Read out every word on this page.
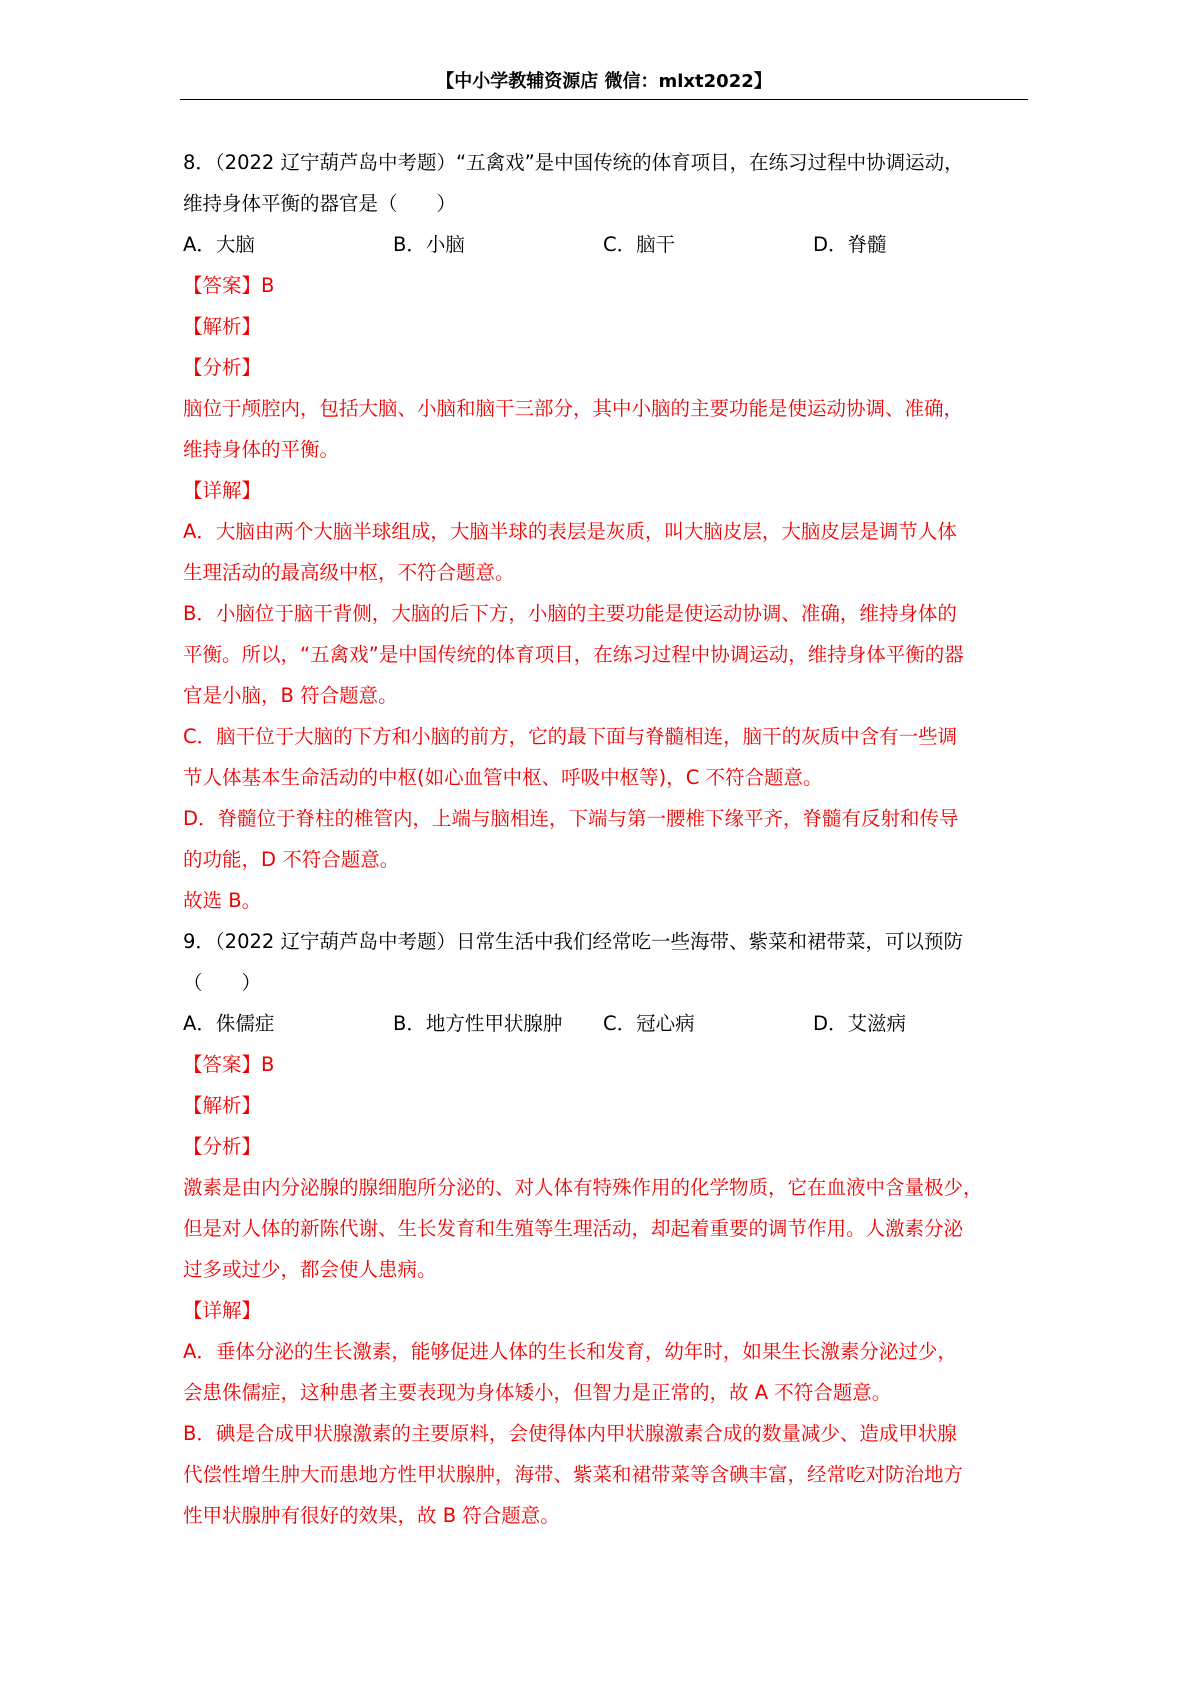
【中小学教辅资源店 微信：mlxt2022】
8．（2022 辽宁葫芦岛中考题）“五禽戏”是中国传统的体育项目，在练习过程中协调运动，
维持身体平衡的器官是（　　）
A．大脑	B．小脑	C．脑干	D．脊髓
【答案】B
【解析】
【分析】
脑位于颅腔内，包括大脑、小脑和脑干三部分，其中小脑的主要功能是使运动协调、准确，
维持身体的平衡。
【详解】
A．大脑由两个大脑半球组成，大脑半球的表层是灰质，叫大脑皮层，大脑皮层是调节人体
生理活动的最高级中枢，不符合题意。
B．小脑位于脑干背侧，大脑的后下方，小脑的主要功能是使运动协调、准确，维持身体的
平衡。所以，“五禽戏”是中国传统的体育项目，在练习过程中协调运动，维持身体平衡的器
官是小脑，B 符合题意。
C．脑干位于大脑的下方和小脑的前方，它的最下面与脊髓相连，脑干的灰质中含有一些调
节人体基本生命活动的中枢(如心血管中枢、呼吸中枢等)，C 不符合题意。
D．脊髓位于脊柱的椎管内，上端与脑相连，下端与第一腰椎下缘平齐，脊髓有反射和传导
的功能，D 不符合题意。
故选 B。
9．（2022 辽宁葫芦岛中考题）日常生活中我们经常吃一些海带、紫菜和裙带菜，可以预防
（　　）
A．侏儒症	B．地方性甲状腺肿 C．冠心病	D．艾滋病
【答案】B
【解析】
【分析】
激素是由内分泌腺的腺细胞所分泌的、对人体有特殊作用的化学物质，它在血液中含量极少，
但是对人体的新陈代谢、生长发育和生殖等生理活动，却起着重要的调节作用。人激素分泌
过多或过少，都会使人患病。
【详解】
A．垂体分泌的生长激素，能够促进人体的生长和发育，幼年时，如果生长激素分泌过少，
会患侏儒症，这种患者主要表现为身体矮小，但智力是正常的，故 A 不符合题意。
B．碘是合成甲状腺激素的主要原料，会使得体内甲状腺激素合成的数量减少、造成甲状腺
代偿性增生肿大而患地方性甲状腺肿，海带、紫菜和裙带菜等含碘丰富，经常吃对防治地方
性甲状腺肿有很好的效果，故 B 符合题意。
